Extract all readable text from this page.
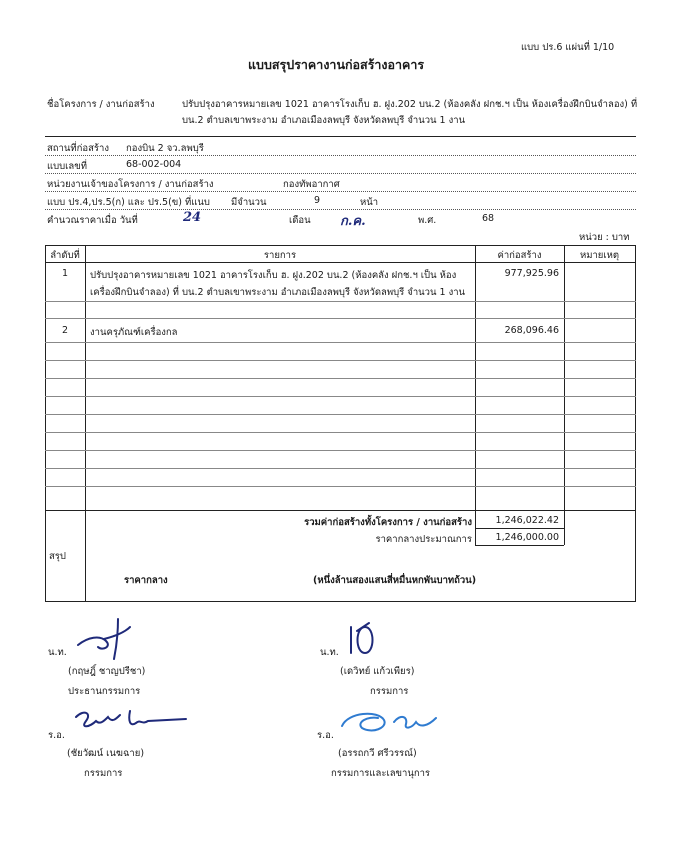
แบบ ปร.6 แผ่นที่ 1/10
แบบสรุปราคางานก่อสร้างอาคาร
ชื่อโครงการ / งานก่อสร้าง	ปรับปรุงอาคารหมายเลข 1021 อาคารโรงเก็บ ฮ. ฝูง.202 บน.2 (ห้องคลัง ฝกช.ฯ เป็น ห้องเครื่องฝึกบินจำลอง) ที่
บน.2 ตำบลเขาพระงาม อำเภอเมืองลพบุรี จังหวัดลพบุรี จำนวน 1 งาน
สถานที่ก่อสร้าง กองบิน 2 จว.ลพบุรี
แบบเลขที่	68-002-004
หน่วยงานเจ้าของโครงการ / งานก่อสร้าง	กองทัพอากาศ
แบบ ปร.4,ปร.5(ก) และ ปร.5(ข) ที่แนบ มีจำนวน	9	หน้า
คำนวณราคาเมื่อ วันที่	24	เดือน ก.ค.	พ.ศ.	68
หน่วย : บาท
ลำดับที่	รายการ	ค่าก่อสร้าง	หมายเหตุ
1	ปรับปรุงอาคารหมายเลข 1021 อาคารโรงเก็บ ฮ. ฝูง.202 บน.2 (ห้องคลัง ฝกช.ฯ เป็น ห้อง
เครื่องฝึกบินจำลอง) ที่ บน.2 ตำบลเขาพระงาม อำเภอเมืองลพบุรี จังหวัดลพบุรี จำนวน 1 งาน
977,925.96
2	งานครุภัณฑ์เครื่องกล	268,096.46
รวมค่าก่อสร้างทั้งโครงการ / งานก่อสร้าง	1,246,022.42
ราคากลางประมาณการ	1,246,000.00
สรุป
ราคากลาง	(หนึ่งล้านสองแสนสี่หมื่นหกพันบาทถ้วน)
น.ท.
(กฤษฎิ์ ชาญปรีชา)
ประธานกรรมการ
น.ท.
(เดวิทย์ แก้วเพียร)
กรรมการ
ร.อ.
(ชัยวัฒน์ เนฆฉาย)
กรรมการ
ร.อ.
(อรรถกวี ศรีวรรณ์)
กรรมการและเลขานุการ
